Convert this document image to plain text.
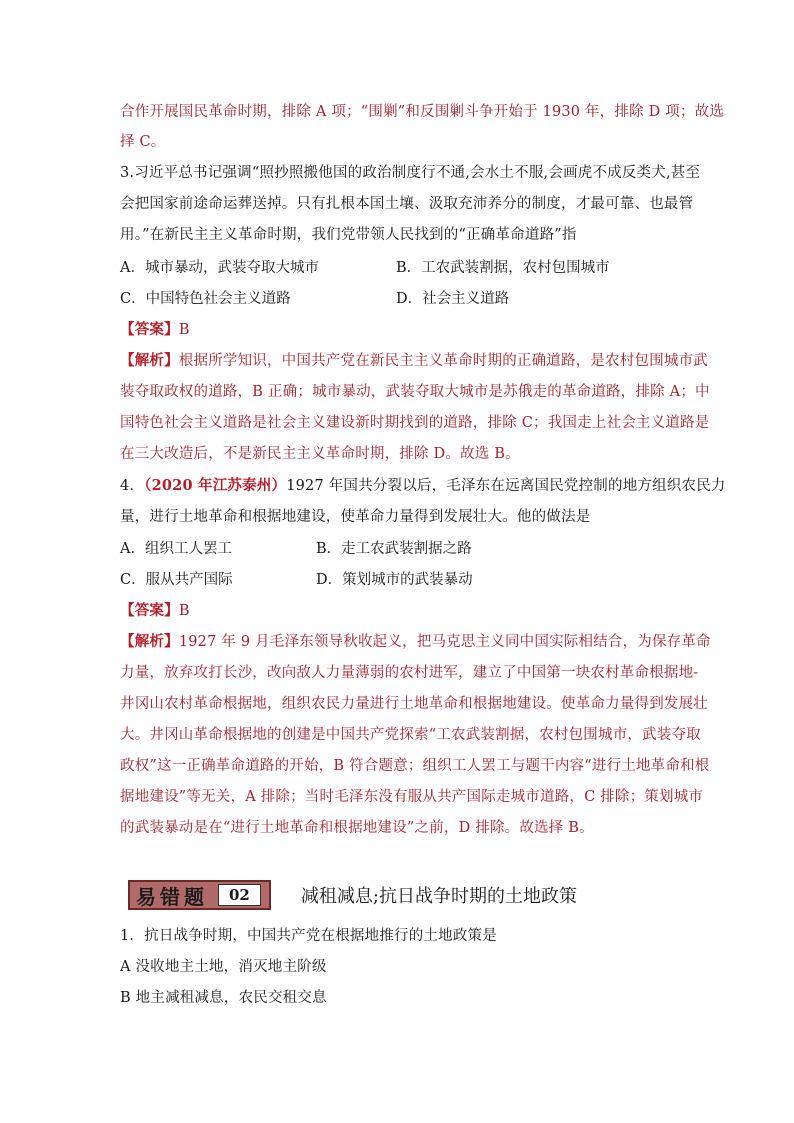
合作开展国民革命时期，排除 A 项；“围剿”和反围剿斗争开始于 1930 年，排除 D 项；故选
择 C。
3.习近平总书记强调“照抄照搬他国的政治制度行不通,会水土不服,会画虎不成反类犬,甚至
会把国家前途命运葬送掉。只有扎根本国土壤、汲取充沛养分的制度，才最可靠、也最管
用。”在新民主主义革命时期，我们党带领人民找到的“正确革命道路”指
A．城市暴动，武装夺取大城市	B．工农武装割据，农村包围城市
C．中国特色社会主义道路	D．社会主义道路
【答案】B
【解析】根据所学知识，中国共产党在新民主主义革命时期的正确道路，是农村包围城市武
装夺取政权的道路，B 正确；城市暴动，武装夺取大城市是苏俄走的革命道路，排除 A；中
国特色社会主义道路是社会主义建设新时期找到的道路，排除 C；我国走上社会主义道路是
在三大改造后，不是新民主主义革命时期，排除 D。故选 B。
4．（2020 年江苏泰州）1927 年国共分裂以后，毛泽东在远离国民党控制的地方组织农民力
量，进行土地革命和根据地建设，使革命力量得到发展壮大。他的做法是
A．组织工人罢工	B．走工农武装割据之路
C．服从共产国际	D．策划城市的武装暴动
【答案】B
【解析】1927 年 9 月毛泽东领导秋收起义，把马克思主义同中国实际相结合，为保存革命
力量，放弃攻打长沙，改向敌人力量薄弱的农村进军，建立了中国第一块农村革命根据地-
井冈山农村革命根据地，组织农民力量进行土地革命和根据地建设。使革命力量得到发展壮
大。井冈山革命根据地的创建是中国共产党探索“工农武装割据，农村包围城市，武装夺取
政权”这一正确革命道路的开始，B 符合题意；组织工人罢工与题干内容“进行土地革命和根
据地建设”等无关，A 排除；当时毛泽东没有服从共产国际走城市道路，C 排除；策划城市
的武装暴动是在“进行土地革命和根据地建设”之前，D 排除。故选择 B。
易错题	02	减租减息;抗日战争时期的土地政策
1．抗日战争时期，中国共产党在根据地推行的土地政策是
A 没收地主土地，消灭地主阶级
B 地主减租减息，农民交租交息
